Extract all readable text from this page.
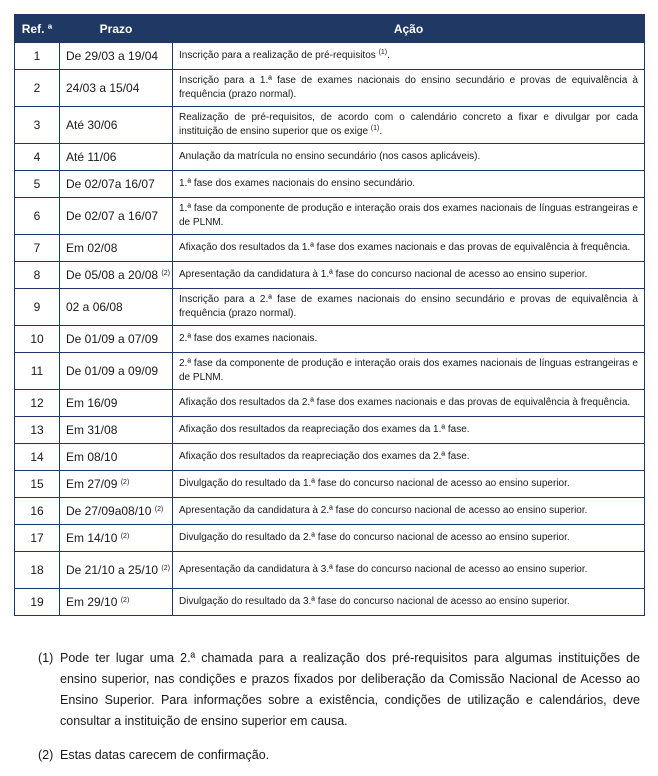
Ref. ª	Prazo	Ação
1	De 29/03 a 19/04	Inscrição para a realização de pré-requisitos $^{(1)}$.
2	24/03 a 15/04	Inscrição para a 1.ª fase de exames nacionais do ensino secundário e provas de equivalência à frequência (prazo normal).
3	Até 30/06	Realização de pré-requisitos, de acordo com o calendário concreto a fixar e divulgar por cada instituição de ensino superior que os exige $^{(1)}$.
4	Até 11/06	Anulação da matrícula no ensino secundário (nos casos aplicáveis).
5	De 02/07a 16/07	1.ª fase dos exames nacionais do ensino secundário.
6	De 02/07 a 16/07	1.ª fase da componente de produção e interação orais dos exames nacionais de línguas estrangeiras e de PLNM.
7	Em 02/08	Afixação dos resultados da 1.ª fase dos exames nacionais e das provas de equivalência à frequência.
8	De 05/08 a 20/08 $^{(2)}$	Apresentação da candidatura à 1.ª fase do concurso nacional de acesso ao ensino superior.
9	02 a 06/08	Inscrição para a 2.ª fase de exames nacionais do ensino secundário e provas de equivalência à frequência (prazo normal).
10	De 01/09 a 07/09	2.ª fase dos exames nacionais.
11	De 01/09 a 09/09	2.ª fase da componente de produção e interação orais dos exames nacionais de línguas estrangeiras e de PLNM.
12	Em 16/09	Afixação dos resultados da 2.ª fase dos exames nacionais e das provas de equivalência à frequência.
13	Em 31/08	Afixação dos resultados da reapreciação dos exames da 1.ª fase.
14	Em 08/10	Afixação dos resultados da reapreciação dos exames da 2.ª fase.
15	Em 27/09 $^{(2)}$	Divulgação do resultado da 1.ª fase do concurso nacional de acesso ao ensino superior.
16	De 27/09a08/10 $^{(2)}$	Apresentação da candidatura à 2.ª fase do concurso nacional de acesso ao ensino superior.
17	Em 14/10 $^{(2)}$	Divulgação do resultado da 2.ª fase do concurso nacional de acesso ao ensino superior.
18	De 21/10 a 25/10 $^{(2)}$	Apresentação da candidatura à 3.ª fase do concurso nacional de acesso ao ensino superior.
19	Em 29/10 $^{(2)}$	Divulgação do resultado da 3.ª fase do concurso nacional de acesso ao ensino superior.
(1) Pode ter lugar uma 2.ª chamada para a realização dos pré-requisitos para algumas instituições de ensino superior, nas condições e prazos fixados por deliberação da Comissão Nacional de Acesso ao Ensino Superior. Para informações sobre a existência, condições de utilização e calendários, deve consultar a instituição de ensino superior em causa.
(2) Estas datas carecem de confirmação.
